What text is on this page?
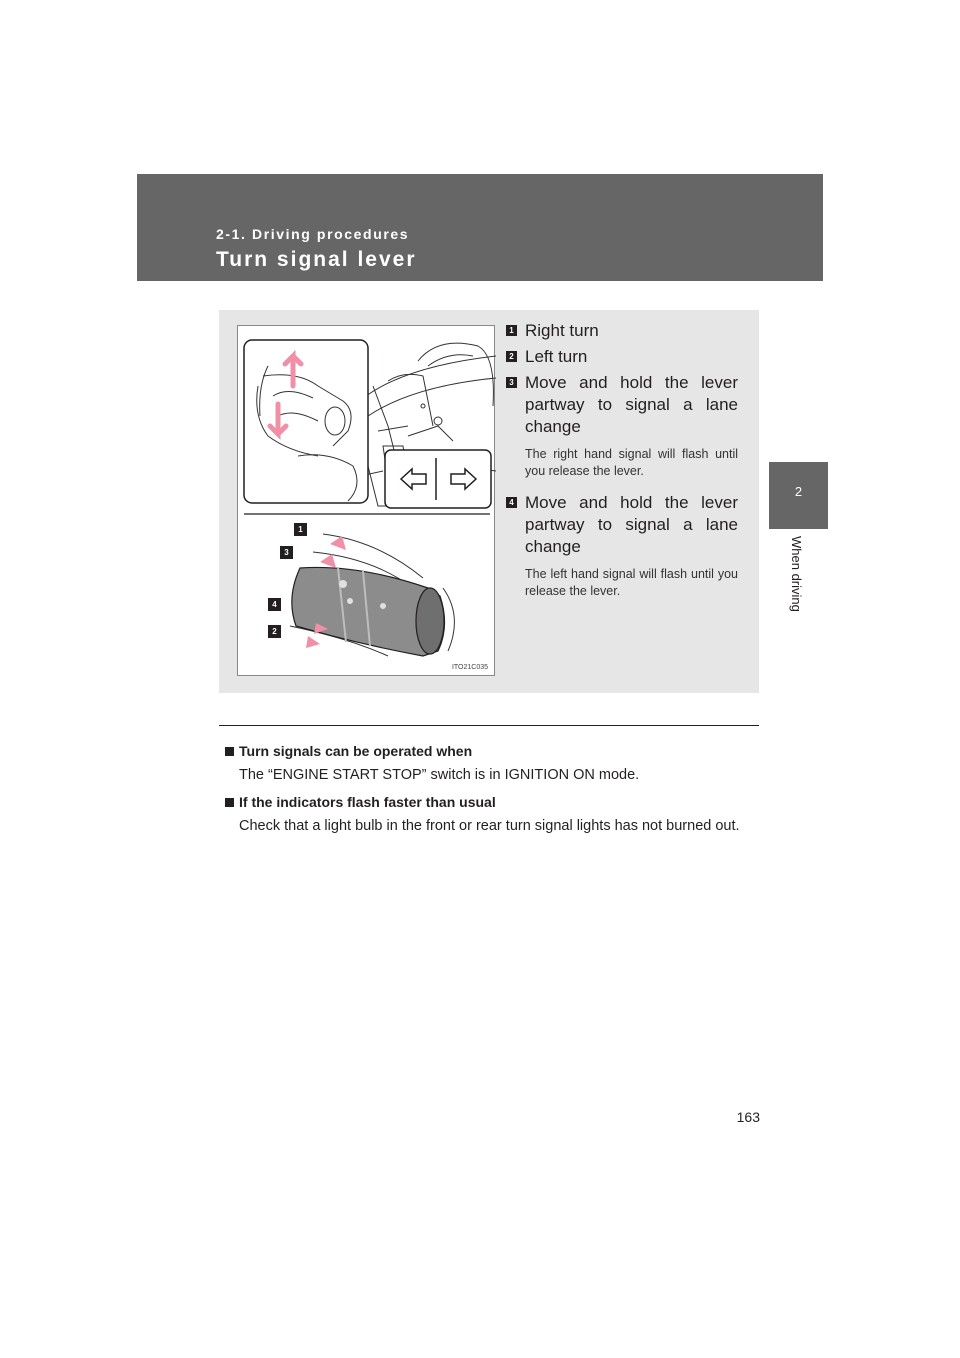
2-1. Driving procedures
Turn signal lever
2
When driving
1
3
4
2
ITO21C035
1 Right turn
2 Left turn
3 Move and hold the lever partway to signal a lane change
The right hand signal will flash until you release the lever.
4 Move and hold the lever partway to signal a lane change
The left hand signal will flash until you release the lever.
Turn signals can be operated when
The “ENGINE START STOP” switch is in IGNITION ON mode.
If the indicators flash faster than usual
Check that a light bulb in the front or rear turn signal lights has not burned out.
163
